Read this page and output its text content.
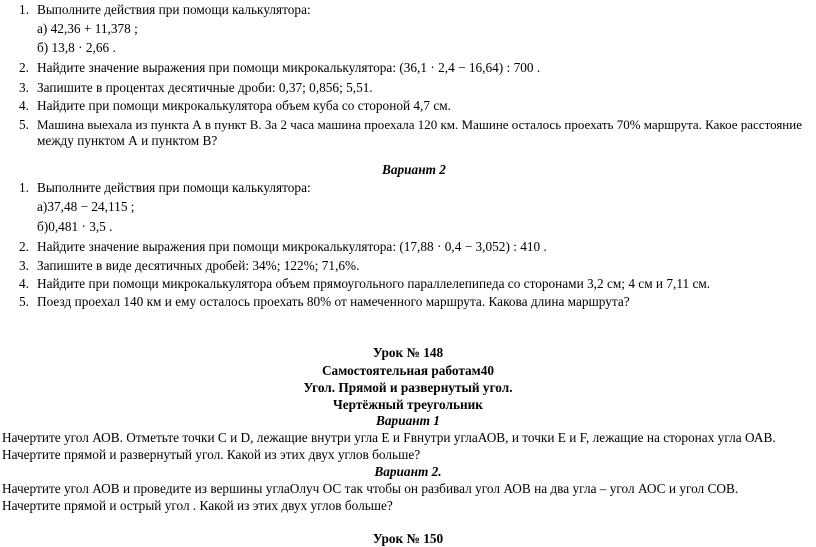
1. Выполните действия при помощи калькулятора:
а) 42,36 + 11,378 ;
б) 13,8 · 2,66 .
2. Найдите значение выражения при помощи микрокалькулятора: (36,1 · 2,4 − 16,64) : 700 .
3. Запишите в процентах десятичные дроби: 0,37; 0,856; 5,51.
4. Найдите при помощи микрокалькулятора объем куба со стороной 4,7 см.
5. Машина выехала из пункта А в пункт В. За 2 часа машина проехала 120 км. Машине осталось проехать 70% маршрута. Какое расстояние
между пунктом А и пунктом В?
Вариант 2
1. Выполните действия при помощи калькулятора:
а)37,48 − 24,115 ;
б)0,481 · 3,5 .
2. Найдите значение выражения при помощи микрокалькулятора: (17,88 · 0,4 − 3,052) : 410 .
3. Запишите в виде десятичных дробей: 34%; 122%; 71,6%.
4. Найдите при помощи микрокалькулятора объем прямоугольного параллелепипеда со сторонами 3,2 см; 4 см и 7,11 см.
5. Поезд проехал 140 км и ему осталось проехать 80% от намеченного маршрута. Какова длина маршрута?
Урок № 148
Самостоятельная работам40
Угол. Прямой и развернутый угол.
Чертёжный треугольник
Вариант 1
Начертите угол АОВ. Отметьте точки С и D, лежащие внутри угла Е и Fвнутри углаАОВ, и точки Е и F, лежащие на сторонах угла ОАВ.
Начертите прямой и развернутый угол. Какой из этих двух углов больше?
Вариант 2.
Начертите угол АОВ и проведите из вершины углаОлуч ОС так чтобы он разбивал угол АОВ на два угла – угол АОС и угол СОВ.
Начертите прямой и острый угол . Какой из этих двух углов больше?
Урок № 150
